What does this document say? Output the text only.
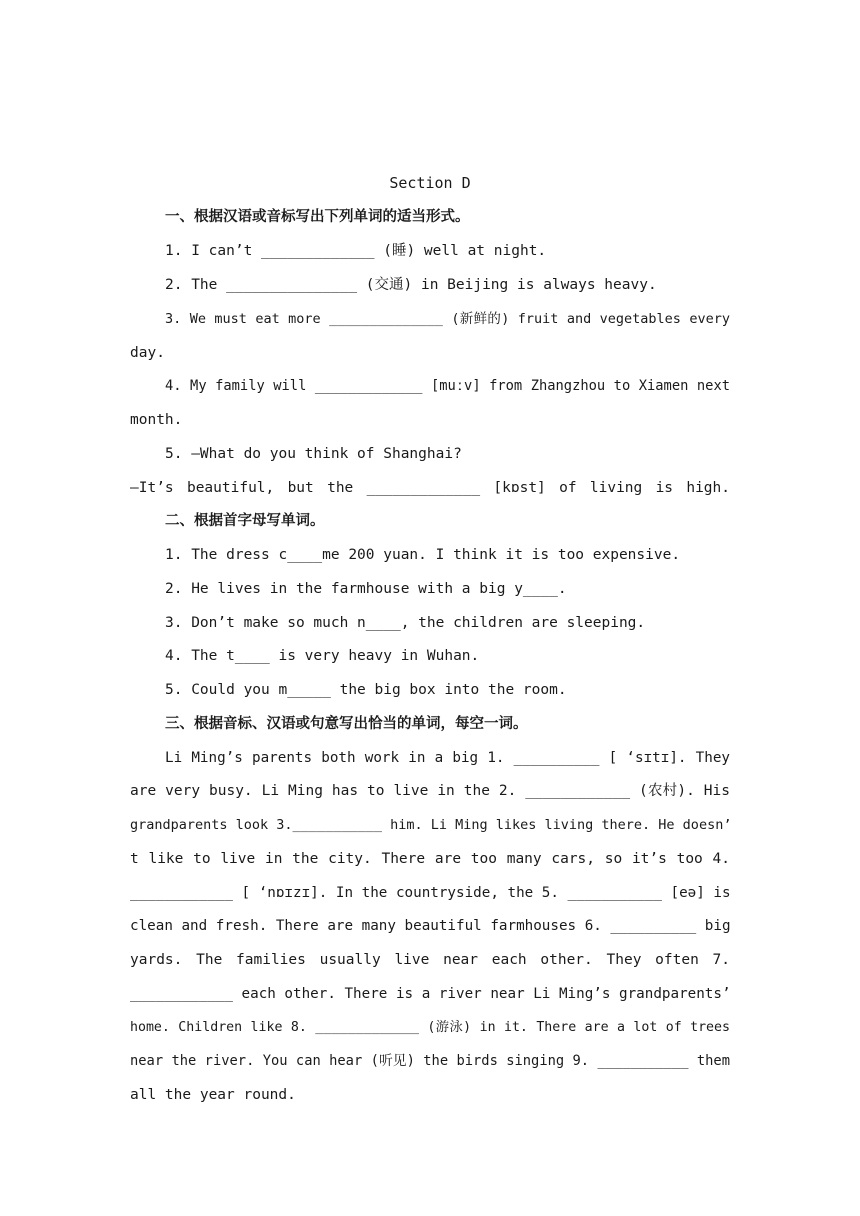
Section D
一、根据汉语或音标写出下列单词的适当形式。
1. I can’t _____________ (睡) well at night.
2. The _______________ (交通) in Beijing is always heavy.
3. We must eat more ______________ (新鲜的) fruit and vegetables every
day.
4. My family will _____________ [muːv] from Zhangzhou to Xiamen next
month.
5. —What do you think of Shanghai?
—It’s beautiful, but the _____________ [kɒst] of living is high.
二、根据首字母写单词。
1. The dress c____me 200 yuan. I think it is too expensive.
2. He lives in the farmhouse with a big y____.
3. Don’t make so much n____, the children are sleeping.
4. The t____ is very heavy in Wuhan.
5. Could you m_____ the big box into the room.
三、根据音标、汉语或句意写出恰当的单词，每空一词。
Li Ming’s parents both work in a big 1. __________ [ ‘sɪtɪ]. They
are very busy. Li Ming has to live in the 2. ____________ (农村). His
grandparents look 3.___________ him. Li Ming likes living there. He doesn’
t like to live in the city. There are too many cars, so it’s too 4.
____________ [ ‘nɒɪzɪ]. In the countryside, the 5. ___________ [eə] is
clean and fresh. There are many beautiful farmhouses 6. __________ big
yards. The families usually live near each other. They often 7.
____________ each other. There is a river near Li Ming’s grandparents’
home. Children like 8. _____________ (游泳) in it. There are a lot of trees
near the river. You can hear (听见) the birds singing 9. ___________ them
all the year round.
